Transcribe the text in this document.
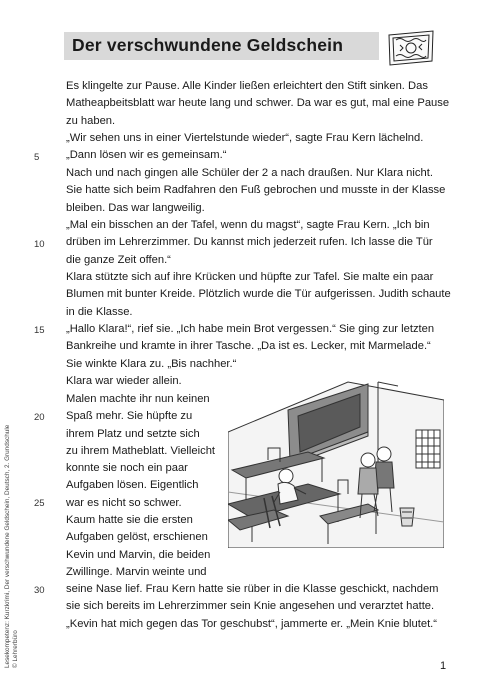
Der verschwundene Geldschein
Es klingelte zur Pause. Alle Kinder ließen erleichtert den Stift sinken. Das
Matheарbeitsblatt war heute lang und schwer. Da war es gut, mal eine Pause
zu haben.
„Wir sehen uns in einer Viertelstunde wieder“, sagte Frau Kern lächelnd.
„Dann lösen wir es gemeinsam.“
Nach und nach gingen alle Schüler der 2 a nach draußen. Nur Klara nicht.
Sie hatte sich beim Radfahren den Fuß gebrochen und musste in der Klasse
bleiben. Das war langweilig.
„Mal ein bisschen an der Tafel, wenn du magst“, sagte Frau Kern. „Ich bin
drüben im Lehrerzimmer. Du kannst mich jederzeit rufen. Ich lasse die Tür
die ganze Zeit offen.“
Klara stützte sich auf ihre Krücken und hüpfte zur Tafel. Sie malte ein paar
Blumen mit bunter Kreide. Plötzlich wurde die Tür aufgerissen. Judith schaute
in die Klasse.
„Hallo Klara!“, rief sie. „Ich habe mein Brot vergessen.“ Sie ging zur letzten
Bankreihe und kramte in ihrer Tasche. „Da ist es. Lecker, mit Marmelade.“
Sie winkte Klara zu. „Bis nachher.“
Klara war wieder allein.
Malen machte ihr nun keinen
Spaß mehr. Sie hüpfte zu
ihrem Platz und setzte sich
zu ihrem Matheblatt. Vielleicht
konnte sie noch ein paar
Aufgaben lösen. Eigentlich
war es nicht so schwer.
Kaum hatte sie die ersten
Aufgaben gelöst, erschienen
Kevin und Marvin, die beiden
Zwillinge. Marvin weinte und
seine Nase lief. Frau Kern hatte sie rüber in die Klasse geschickt, nachdem
sie sich bereits im Lehrerzimmer sein Knie angesehen und verarztet hatte.
„Kevin hat mich gegen das Tor geschubst“, jammerte er. „Mein Knie blutet.“
5
10
15
20
25
30
Lesekompetenz: Kurzkrimi, Der verschwundene Geldschein, Deutsch, 2. Grundschule © Lehrerbüro	1
